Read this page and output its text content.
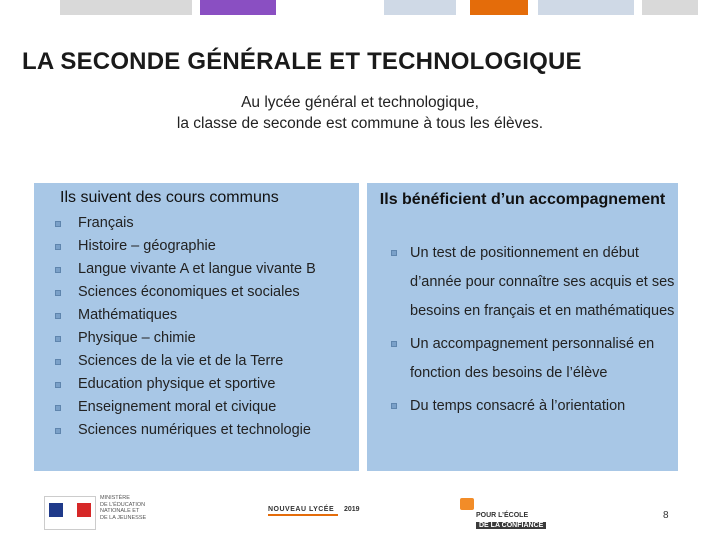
LA SECONDE GÉNÉRALE ET TECHNOLOGIQUE
Au lycée général et technologique,
la classe de seconde est commune à tous les élèves.
Ils suivent des cours communs
Français
Histoire – géographie
Langue vivante A et langue vivante B
Sciences économiques et sociales
Mathématiques
Physique – chimie
Sciences de la vie et de la Terre
Education physique et sportive
Enseignement moral et civique
Sciences numériques et technologie
Ils bénéficient d’un accompagnement
Un test de positionnement en début d’année pour connaître ses acquis et ses besoins en français et en mathématiques
Un accompagnement personnalisé en fonction des besoins de l’élève
Du temps consacré à l’orientation
MINISTÈRE
DE L’ÉDUCATION
NATIONALE ET
DE LA JEUNESSE
NOUVEAU LYCÉE 2019
POUR L’ÉCOLE
DE LA CONFIANCE
8
